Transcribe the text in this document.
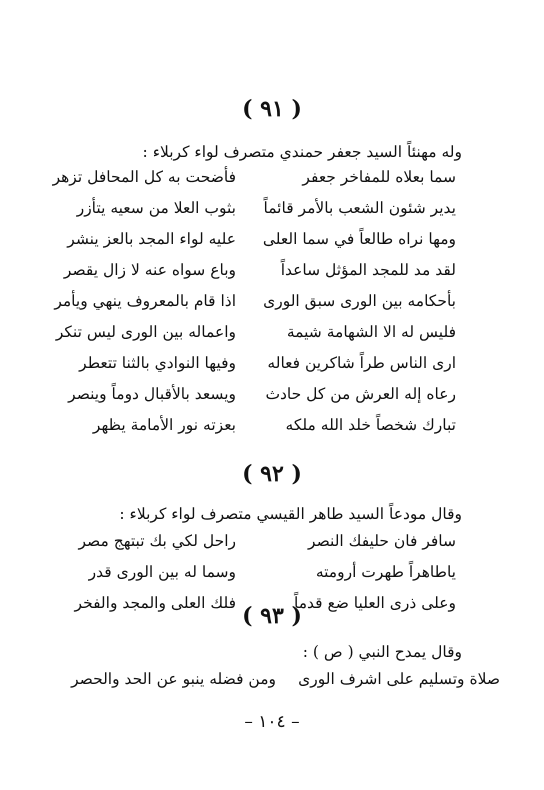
( ٩١ )
وله مهنئاً السيد جعفر حمندي متصرف لواء كربلاء :
سما بعلاه للمفاخر جعفر
فأضحت به كل المحافل تزهر
يدير شئون الشعب بالأمر قائماً
بثوب العلا من سعيه يتأزر
ومها نراه طالعاً في سما العلى
عليه لواء المجد بالعز ينشر
لقد مد للمجد المؤثل ساعداً
وباع سواه عنه لا زال يقصر
بأحكامه بين الورى سبق الورى
اذا قام بالمعروف ينهي ويأمر
فليس له الا الشهامة شيمة
واعماله بين الورى ليس تنكر
ارى الناس طراً شاكرين فعاله
وفيها النوادي بالثنا تتعطر
رعاه إله العرش من كل حادث
ويسعد بالأقبال دوماً وينصر
تبارك شخصاً خلد الله ملكه
بعزته نور الأمامة يظهر
( ٩٢ )
وقال مودعاً السيد طاهر القيسي متصرف لواء كربلاء :
سافر فان حليفك النصر
راحل لكي بك تبتهج مصر
ياطاهراً طهرت أرومته
وسما له بين الورى قدر
وعلى ذرى العليا ضع قدماً
فلك العلى والمجد والفخر ( ٩٣ )
وقال يمدح النبي ( ص ) :
صلاة وتسليم على اشرف الورى
ومن فضله ينبو عن الحد والحصر
– ١٠٤ –
